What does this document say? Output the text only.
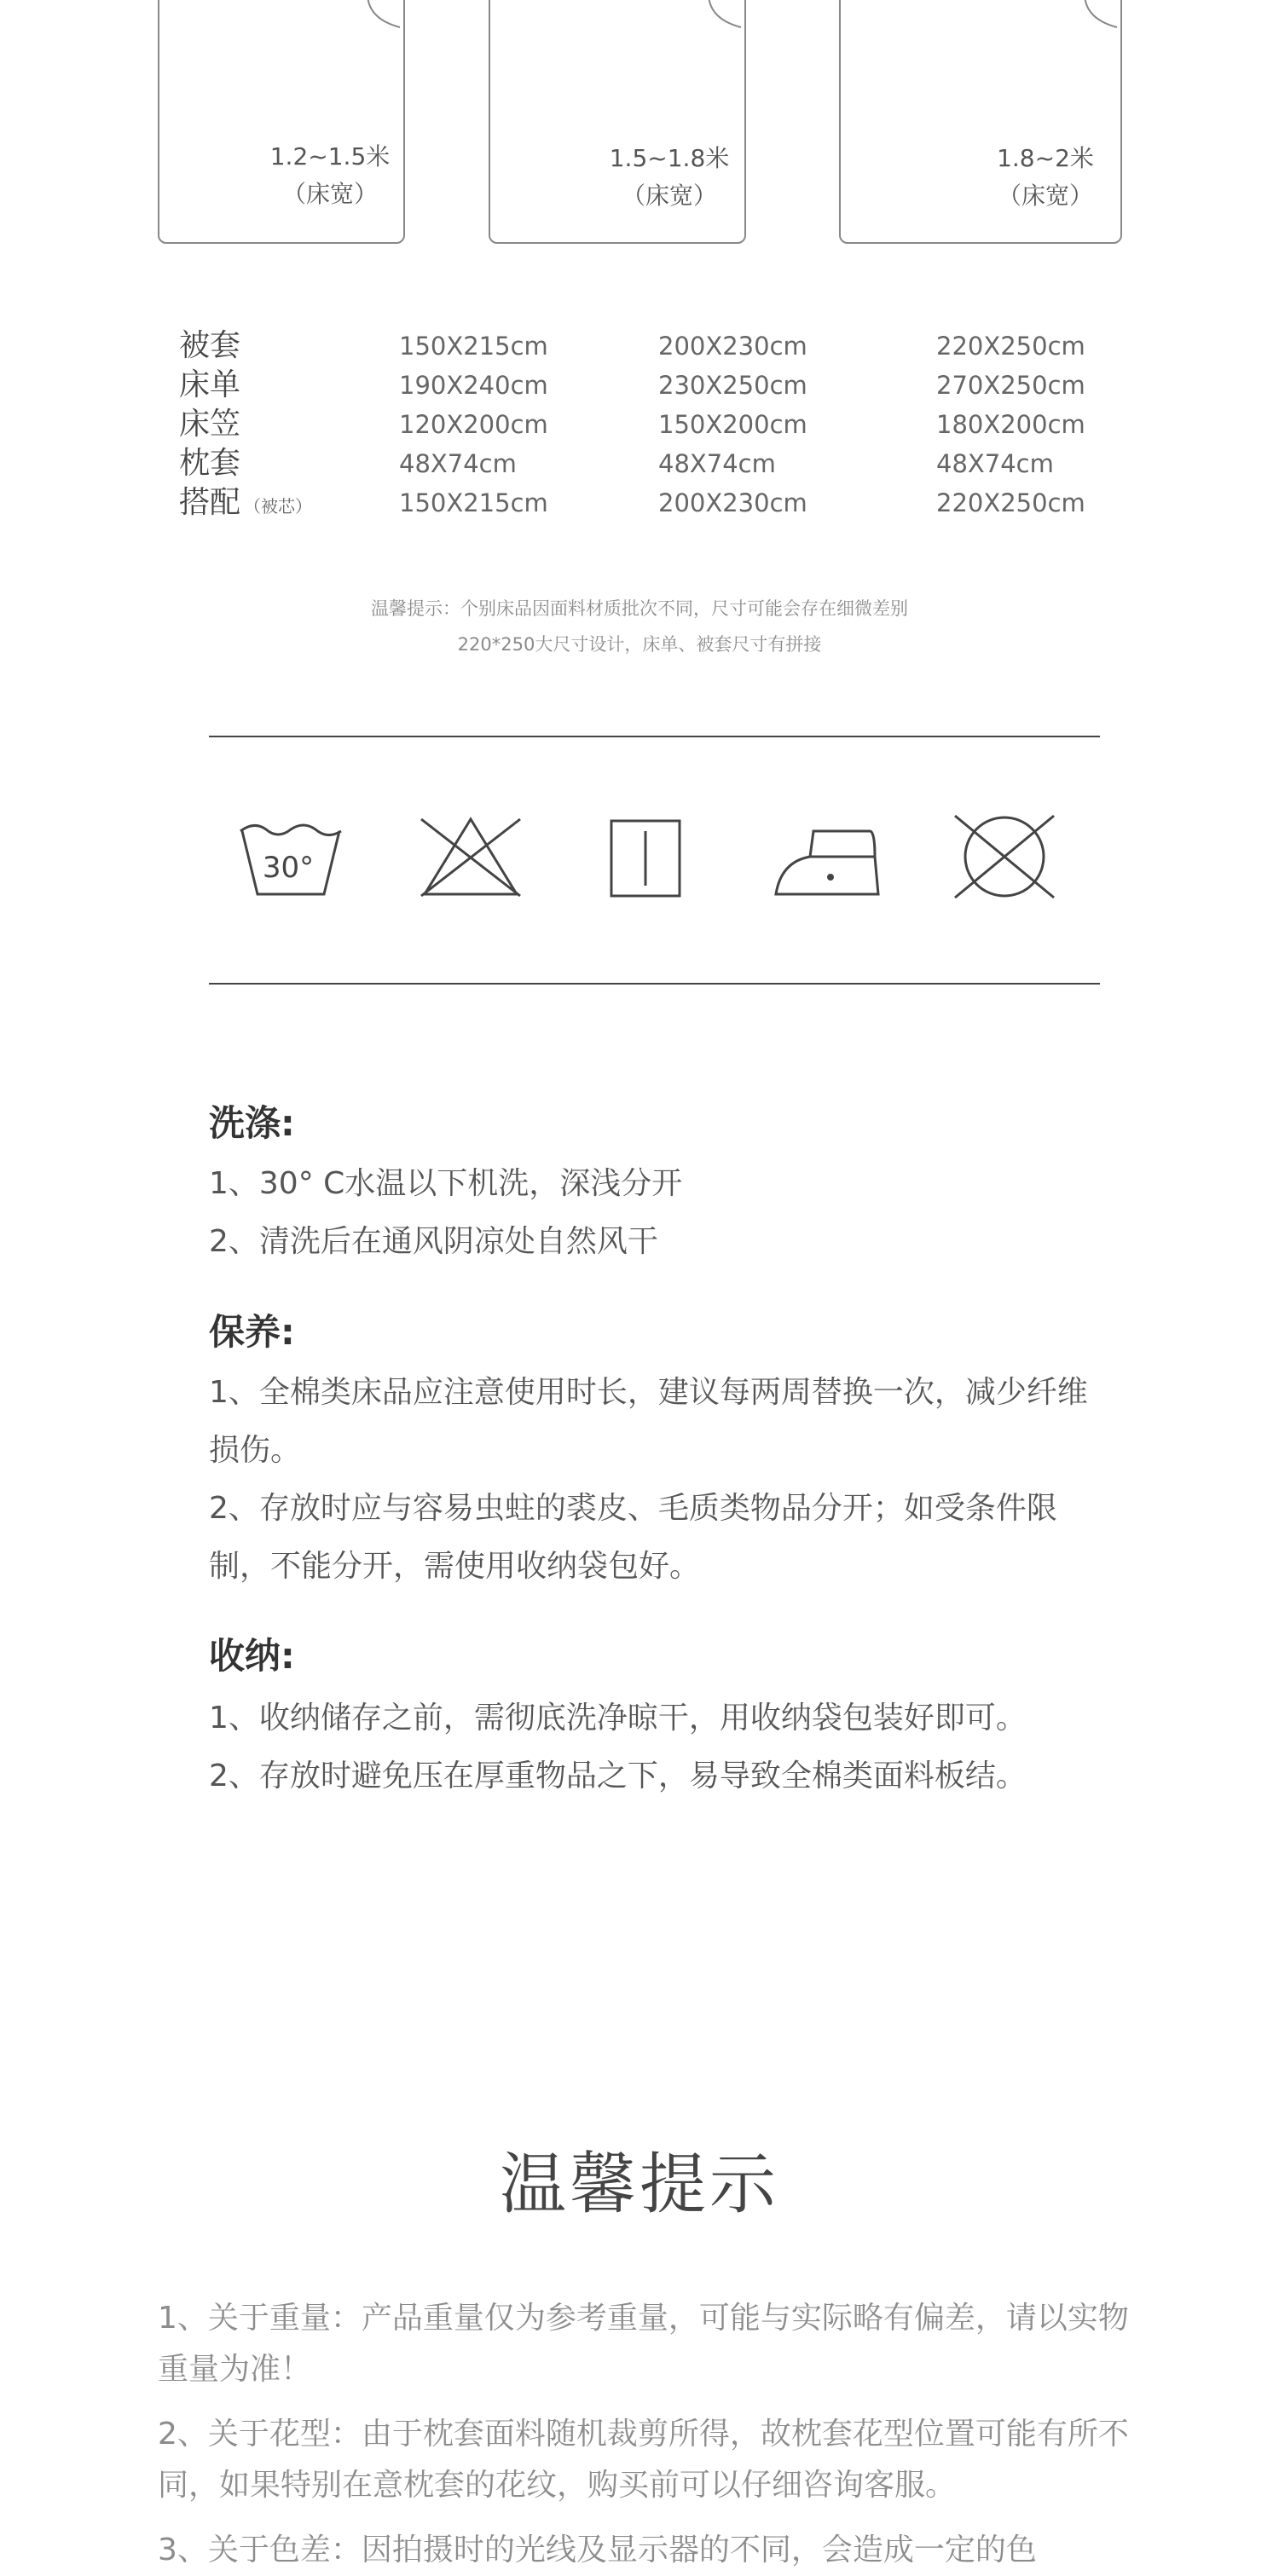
1.2~1.5米
（床宽）
1.5~1.8米
（床宽）
1.8~2米
（床宽）
被套	150X215cm	200X230cm	220X250cm
床单	190X240cm	230X250cm	270X250cm
床笠	120X200cm	150X200cm	180X200cm
枕套	48X74cm	48X74cm	48X74cm
搭配 （被芯）	150X215cm	200X230cm	220X250cm
温馨提示：个别床品因面料材质批次不同，尺寸可能会存在细微差别
220*250大尺寸设计，床单、被套尺寸有拼接
30°
洗涤:
1、30° C水温以下机洗，深浅分开
2、清洗后在通风阴凉处自然风干
保养:
1、全棉类床品应注意使用时长，建议每两周替换一次，减少纤维损伤。
2、存放时应与容易虫蛀的裘皮、毛质类物品分开；如受条件限制，不能分开，需使用收纳袋包好。
收纳:
1、收纳储存之前，需彻底洗净晾干，用收纳袋包装好即可。
2、存放时避免压在厚重物品之下，易导致全棉类面料板结。
温馨提示
1、关于重量：产品重量仅为参考重量，可能与实际略有偏差，请以实物重量为准！
2、关于花型：由于枕套面料随机裁剪所得，故枕套花型位置可能有所不同，如果特别在意枕套的花纹，购买前可以仔细咨询客服。
3、关于色差：因拍摄时的光线及显示器的不同，会造成一定的色
